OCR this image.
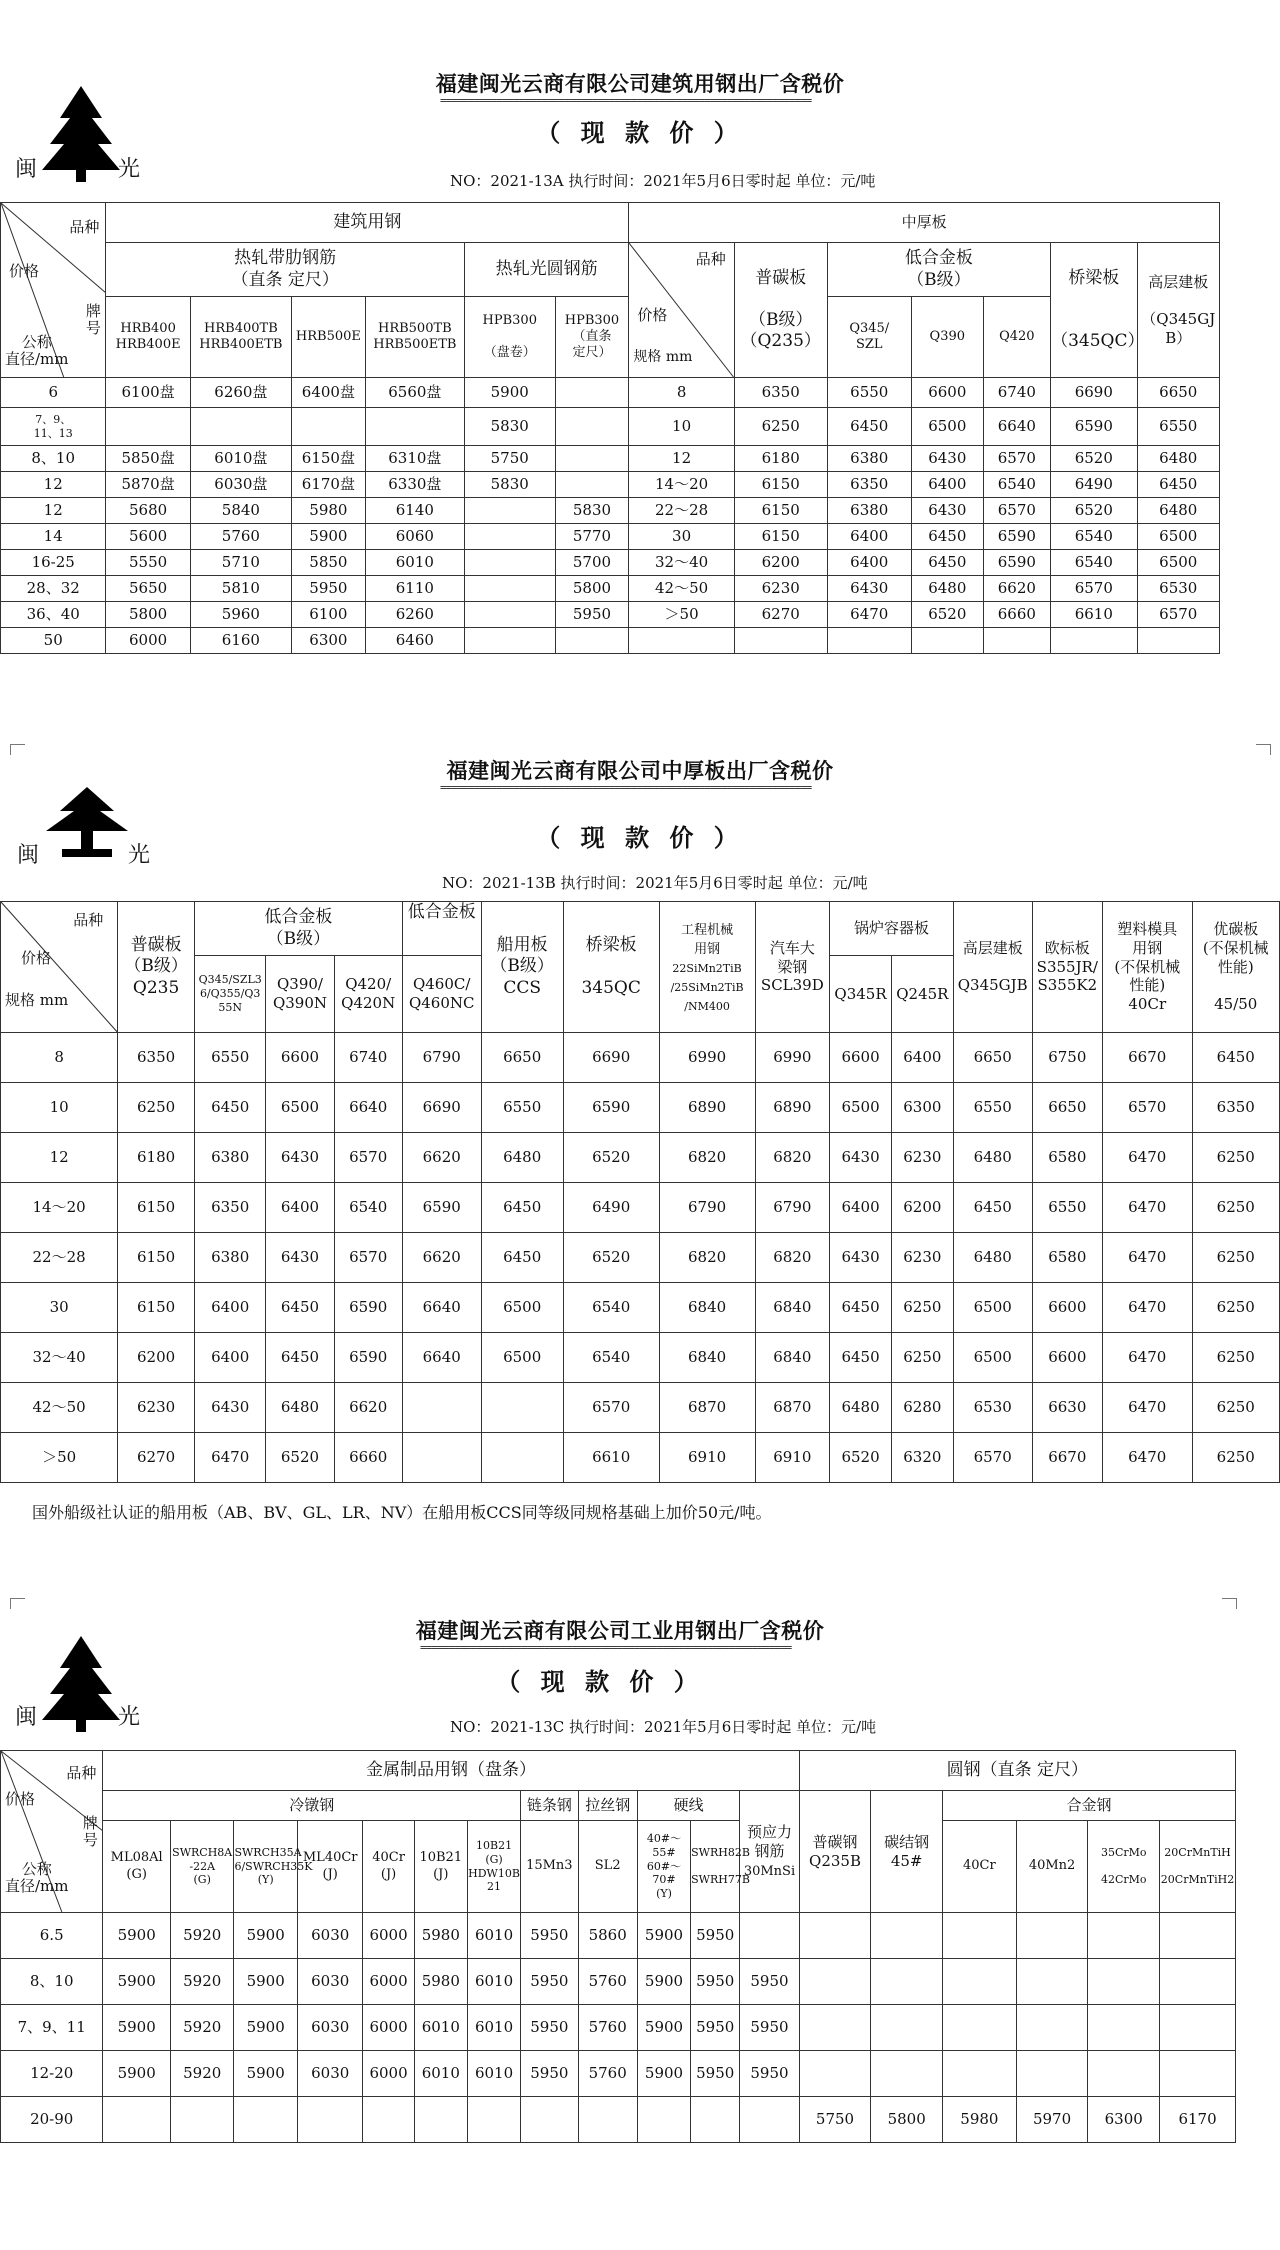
福建闽光云商有限公司建筑用钢出厂含税价
==================================================================
（ 现 款 价 ）
NO：2021-13A 执行时间：2021年5月6日零时起 单位：元/吨
闽	光

品种

价格

牌号

公称
直径/mm	建筑用钢						中厚板						
	热轧带肋钢筋
（直条 定尺）				热轧光圆钢筋		品种

价格

规格 mm	普碳板

（B级）
（Q235）	低合金板
（B级）			桥梁板

（345QC）	高层建板

（Q345GJ
B）
	HRB400
HRB400E	HRB400TB
HRB400ETB	HRB500E	HRB500TB
HRB500ETB	HPB300

（盘卷）	HPB300
（直条
定尺）			Q345/
SZL	Q390	Q420		
6	6100盘	6260盘	6400盘	6560盘	5900		8	6350	6550	6600	6740	6690	6650
7、9、
11、13					5830		10	6250	6450	6500	6640	6590	6550
8、10	5850盘	6010盘	6150盘	6310盘	5750		12	6180	6380	6430	6570	6520	6480
12	5870盘	6030盘	6170盘	6330盘	5830		14～20	6150	6350	6400	6540	6490	6450
12	5680	5840	5980	6140		5830	22～28	6150	6380	6430	6570	6520	6480
14	5600	5760	5900	6060		5770	30	6150	6400	6450	6590	6540	6500
16-25	5550	5710	5850	6010		5700	32～40	6200	6400	6450	6590	6540	6500
28、32	5650	5810	5950	6110		5800	42～50	6230	6430	6480	6620	6570	6530
36、40	5800	5960	6100	6260		5950	＞50	6270	6470	6520	6660	6610	6570
50	6000	6160	6300	6460									
福建闽光云商有限公司中厚板出厂含税价
==================================================================
（ 现 款 价 ）
NO：2021-13B 执行时间：2021年5月6日零时起 单位：元/吨
闽	光

品种

价格

规格 mm	普碳板
（B级）
Q235	低合金板
（B级）			低合金板	船用板
（B级）
CCS	桥梁板

345QC	工程机械
用钢
22SiMn2TiB
/25SiMn2TiB
/NM400	汽车大
梁钢
SCL39D	锅炉容器板		高层建板

Q345GJB	欧标板
S355JR/
S355K2	塑料模具
用钢
(不保机械
性能)
40Cr	优碳板
(不保机械
性能)

45/50
		Q345/SZL3
6/Q355/Q3
55N	Q390/
Q390N	Q420/
Q420N	Q460C/
Q460NC					Q345R	Q245R				
8	6350	6550	6600	6740	6790	6650	6690	6990	6990	6600	6400	6650	6750	6670	6450
10	6250	6450	6500	6640	6690	6550	6590	6890	6890	6500	6300	6550	6650	6570	6350
12	6180	6380	6430	6570	6620	6480	6520	6820	6820	6430	6230	6480	6580	6470	6250
14～20	6150	6350	6400	6540	6590	6450	6490	6790	6790	6400	6200	6450	6550	6470	6250
22～28	6150	6380	6430	6570	6620	6450	6520	6820	6820	6430	6230	6480	6580	6470	6250
30	6150	6400	6450	6590	6640	6500	6540	6840	6840	6450	6250	6500	6600	6470	6250
32～40	6200	6400	6450	6590	6640	6500	6540	6840	6840	6450	6250	6500	6600	6470	6250
42～50	6230	6430	6480	6620			6570	6870	6870	6480	6280	6530	6630	6470	6250
＞50	6270	6470	6520	6660			6610	6910	6910	6520	6320	6570	6670	6470	6250
国外船级社认证的船用板（AB、BV、GL、LR、NV）在船用板CCS同等级同规格基础上加价50元/吨。
福建闽光云商有限公司工业用钢出厂含税价
==================================================================
（ 现 款 价 ）
NO：2021-13C 执行时间：2021年5月6日零时起 单位：元/吨
闽	光

品种

价格

牌号

公称
直径/mm	金属制品用钢（盘条）												圆钢（直条 定尺）					
	冷镦钢							链条钢	拉丝钢	硬线		预应力
钢筋
30MnSi	普碳钢
Q235B	碳结钢
45#	合金钢			
	ML08Al
(G)	SWRCH8A
-22A
(G)	SWRCH35A
6/SWRCH35K
(Y)	ML40Cr
(J)	40Cr
(J)	10B21
(J)	10B21
(G)
HDW10B
21	15Mn3	SL2	40#～55#
60#～70#
(Y)	SWRH82B

SWRH77B				40Cr	40Mn2	35CrMo

42CrMo	20CrMnTiH

20CrMnTiH2
6.5	5900	5920	5900	6030	6000	5980	6010	5950	5860	5900	5950							
8、10	5900	5920	5900	6030	6000	5980	6010	5950	5760	5900	5950	5950						
7、9、11	5900	5920	5900	6030	6000	6010	6010	5950	5760	5900	5950	5950						
12-20	5900	5920	5900	6030	6000	6010	6010	5950	5760	5900	5950	5950						
20-90													5750	5800	5980	5970	6300	6170
